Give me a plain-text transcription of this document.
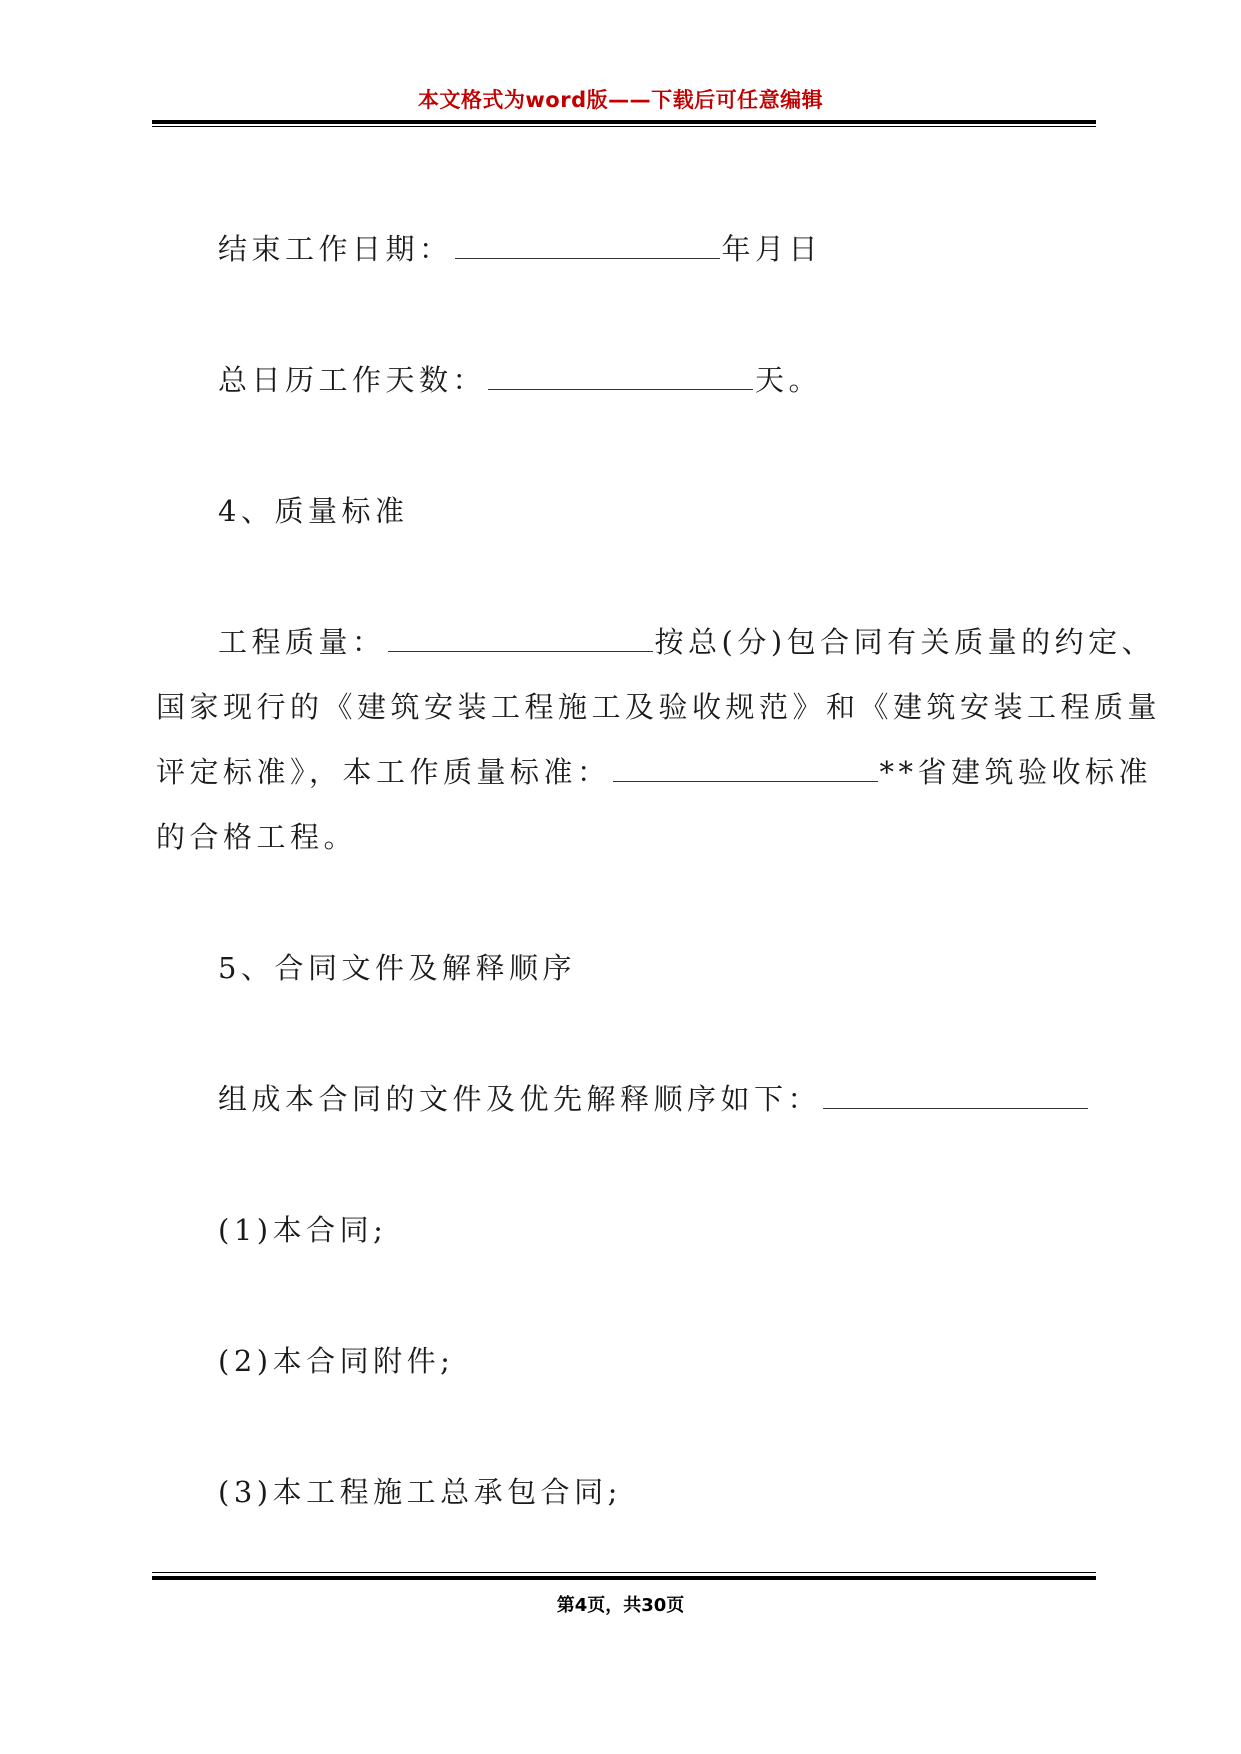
本文格式为word版——下载后可任意编辑
结束工作日期：	年月日
总日历工作天数：	天。
4、质量标准
工程质量：	按总(分)包合同有关质量的约定、
国家现行的《建筑安装工程施工及验收规范》和《建筑安装工程质量
评定标准》，本工作质量标准：	**省建筑验收标准
的合格工程。
5、合同文件及解释顺序
组成本合同的文件及优先解释顺序如下：
(1)本合同;
(2)本合同附件;
(3)本工程施工总承包合同;
第4页，共30页
